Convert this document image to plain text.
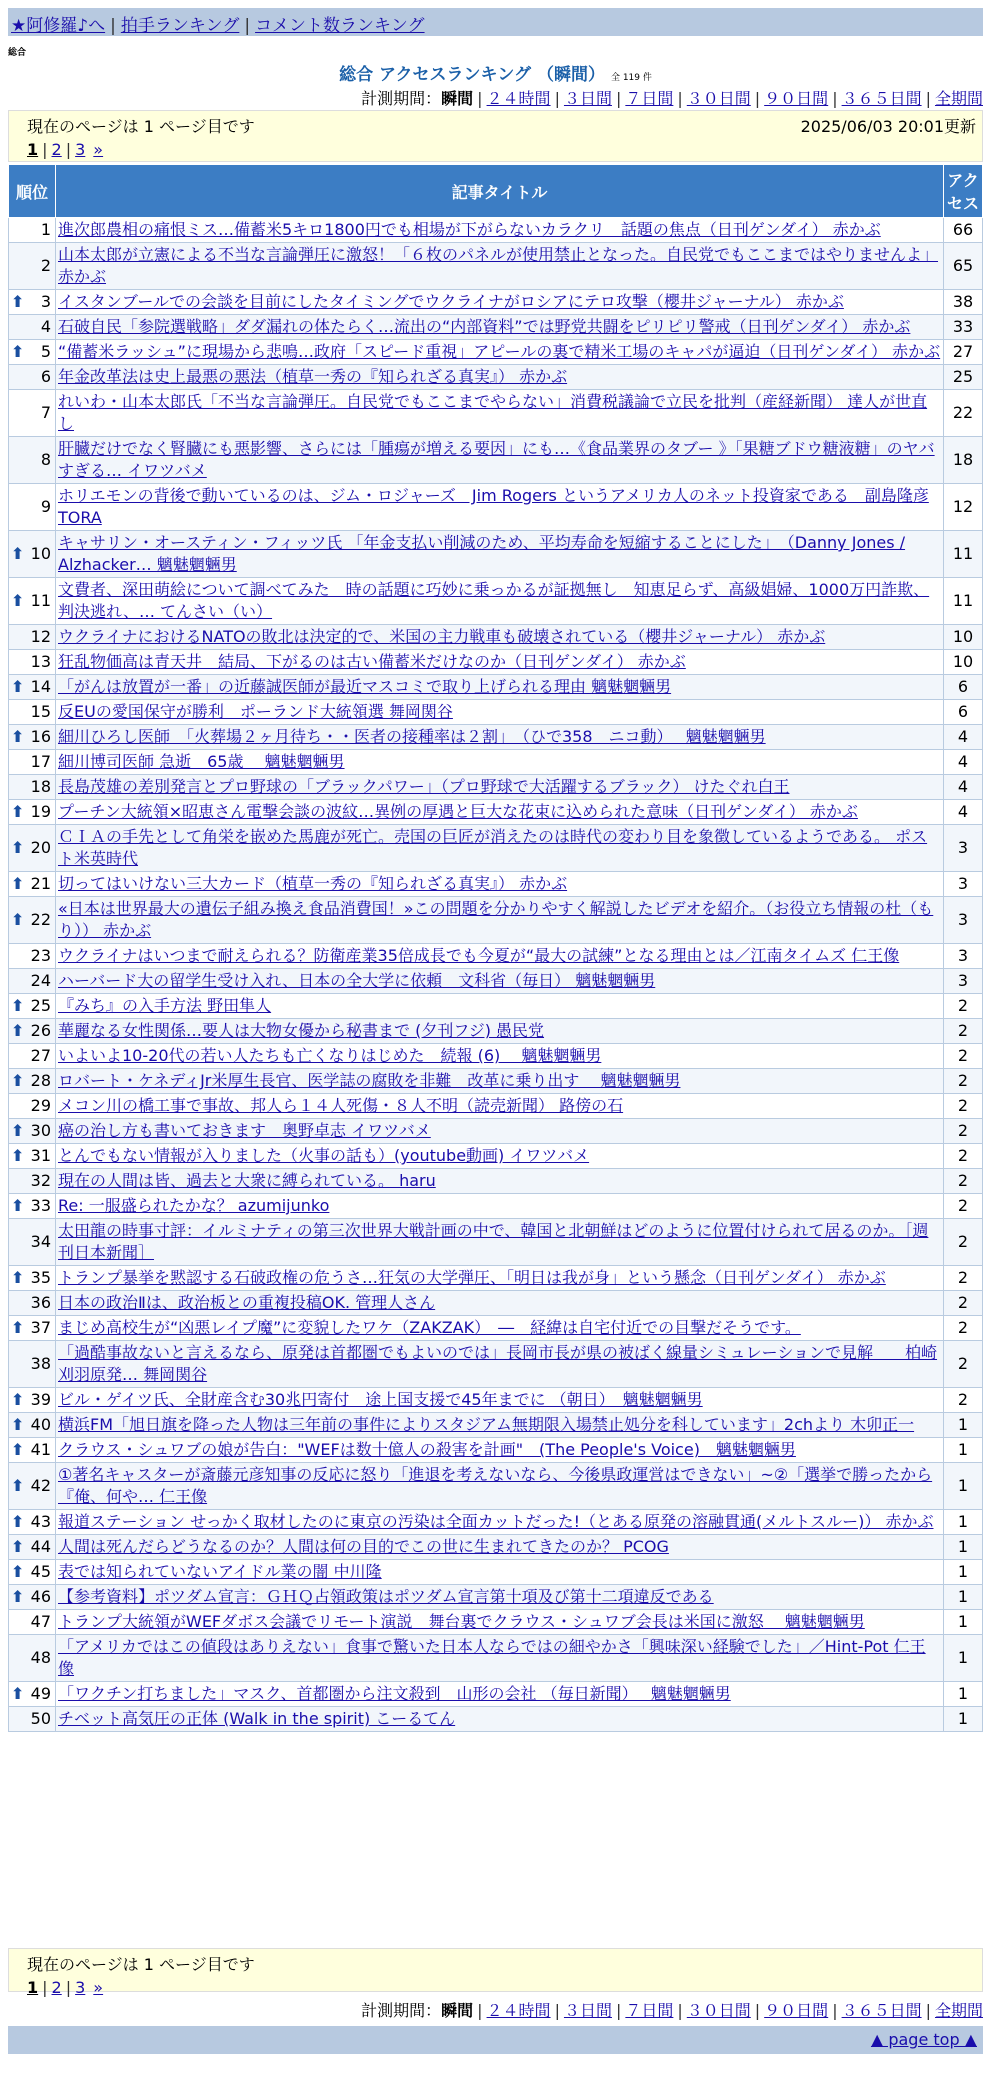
★阿修羅♪へ | 拍手ランキング | コメント数ランキング
総合
総合 アクセスランキング （瞬間） 全 119 件
計測期間：瞬間 | ２４時間 | ３日間 | ７日間 | ３０日間 | ９０日間 | ３６５日間 | 全期間
現在のページは 1 ページ目です	2025/06/03 20:01更新
1 | 2 | 3 »
順位	記事タイトル	アクセス
1	進次郎農相の痛恨ミス…備蓄米5キロ1800円でも相場が下がらないカラクリ　話題の焦点（日刊ゲンダイ） 赤かぶ	66
2	山本太郎が立憲による不当な言論弾圧に激怒！「６枚のパネルが使用禁止となった。自民党でもここまではやりませんよ」 赤かぶ	65

⬆ 3	イスタンブールでの会談を目前にしたタイミングでウクライナがロシアにテロ攻撃（櫻井ジャーナル） 赤かぶ	38
4	石破自民「参院選戦略」ダダ漏れの体たらく…流出の“内部資料”では野党共闘をピリピリ警戒（日刊ゲンダイ） 赤かぶ	33

⬆ 5	“備蓄米ラッシュ”に現場から悲鳴…政府「スピード重視」アピールの裏で精米工場のキャパが逼迫（日刊ゲンダイ） 赤かぶ	27
6	年金改革法は史上最悪の悪法（植草一秀の『知られざる真実』） 赤かぶ	25
7	れいわ・山本太郎氏「不当な言論弾圧。自民党でもここまでやらない」消費税議論で立民を批判（産経新聞） 達人が世直し	22
8	肝臓だけでなく腎臓にも悪影響、さらには「腫瘍が増える要因」にも…《食品業界のタブー 》「果糖ブドウ糖液糖」のヤバすぎる… イワツバメ	18
9	ホリエモンの背後で動いているのは、ジム・ロジャーズ　Jim Rogers というアメリカ人のネット投資家である　副島隆彦 TORA	12

⬆ 10	キャサリン・オースティン・フィッツ氏 「年金支払い削減のため、平均寿命を短縮することにした」　（Danny Jones / Alzhacker… 魑魅魍魎男	11

⬆ 11	文費者、深田萌絵について調べてみた　時の話題に巧妙に乗っかるが証拠無し　知恵足らず、高級娼婦、1000万円詐欺、判決逃れ、… てんさい（い）	11
12	ウクライナにおけるNATOの敗北は決定的で、米国の主力戦車も破壊されている（櫻井ジャーナル） 赤かぶ	10
13	狂乱物価高は青天井　結局、下がるのは古い備蓄米だけなのか（日刊ゲンダイ） 赤かぶ	10

⬆ 14	「がんは放置が一番」の近藤誠医師が最近マスコミで取り上げられる理由 魑魅魍魎男	6
15	反EUの愛国保守が勝利　ポーランド大統領選 舞岡関谷	6

⬆ 16	細川ひろし医師　「火葬場２ヶ月待ち・・医者の接種率は２割」　（ひで358　ニコ動）　 魑魅魍魎男	4
17	細川博司医師 急逝　65歳　 魑魅魍魎男	4
18	長島茂雄の差別発言とプロ野球の「ブラックパワー」（プロ野球で大活躍するブラック） けたぐれ白王	4

⬆ 19	プーチン大統領×昭恵さん電撃会談の波紋…異例の厚遇と巨大な花束に込められた意味（日刊ゲンダイ） 赤かぶ	4

⬆ 20	ＣＩＡの手先として角栄を嵌めた馬鹿が死亡。売国の巨匠が消えたのは時代の変わり目を象徴しているようである。 ポスト米英時代	3

⬆ 21	切ってはいけない三大カード（植草一秀の『知られざる真実』） 赤かぶ	3

⬆ 22	«日本は世界最大の遺伝子組み換え食品消費国！»この問題を分かりやすく解説したビデオを紹介。（お役立ち情報の杜（もり）） 赤かぶ	3
23	ウクライナはいつまで耐えられる？防衛産業35倍成長でも今夏が“最大の試練”となる理由とは／江南タイムズ 仁王像	3
24	ハーバード大の留学生受け入れ、日本の全大学に依頼　文科省（毎日） 魑魅魍魎男	3

⬆ 25	『みち』の入手方法 野田隼人	2

⬆ 26	華麗なる女性関係…要人は大物女優から秘書まで (夕刊フジ) 愚民党	2
27	いよいよ10-20代の若い人たちも亡くなりはじめた　続報 (6)　 魑魅魍魎男	2

⬆ 28	ロバート・ケネディJr米厚生長官、医学誌の腐敗を非難　改革に乗り出す　 魑魅魍魎男	2
29	メコン川の橋工事で事故、邦人ら１４人死傷・８人不明（読売新聞） 路傍の石	2

⬆ 30	癌の治し方も書いておきます　奥野卓志 イワツバメ	2

⬆ 31	とんでもない情報が入りました（火事の話も）(youtube動画) イワツバメ	2
32	現在の人間は皆、過去と大衆に縛られている。 haru	2

⬆ 33	Re: 一服盛られたかな？ azumijunko	2
34	太田龍の時事寸評：イルミナティの第三次世界大戦計画の中で、韓国と北朝鮮はどのように位置付けられて居るのか。［週刊日本新聞］	2

⬆ 35	トランプ暴挙を黙認する石破政権の危うさ…狂気の大学弾圧、「明日は我が身」という懸念（日刊ゲンダイ） 赤かぶ	2
36	日本の政治Ⅱは、政治板との重複投稿OK. 管理人さん	2

⬆ 37	まじめ高校生が“凶悪レイプ魔”に変貌したワケ（ZAKZAK）　―　経緯は自宅付近での目撃だそうです。	2
38	「過酷事故ないと言えるなら、原発は首都圏でもよいのでは」長岡市長が県の被ばく線量シミュレーションで見解　　柏崎刈羽原発… 舞岡関谷	2

⬆ 39	ビル・ゲイツ氏、全財産含む30兆円寄付　途上国支援で45年までに （朝日）　魑魅魍魎男	2

⬆ 40	横浜FM「旭日旗を降った人物は三年前の事件によりスタジアム無期限入場禁止処分を科しています」2chより 木卯正一	1

⬆ 41	クラウス・シュワブの娘が告白："WEFは数十億人の殺害を計画"　(The People's Voice)　魑魅魍魎男	1

⬆ 42	①著名キャスターが斎藤元彦知事の反応に怒り「進退を考えないなら、今後県政運営はできない」~②「選挙で勝ったから『俺、何や… 仁王像	1

⬆ 43	報道ステーション せっかく取材したのに東京の汚染は全面カットだった!（とある原発の溶融貫通(メルトスルー)） 赤かぶ	1

⬆ 44	人間は死んだらどうなるのか？人間は何の目的でこの世に生まれてきたのか？ PCOG	1

⬆ 45	表では知られていないアイドル業の闇 中川隆	1

⬆ 46	【参考資料】ポツダム宣言：ＧＨＱ占領政策はポツダム宣言第十項及び第十二項違反である	1
47	トランプ大統領がWEFダボス会議でリモート演説　舞台裏でクラウス・シュワブ会長は米国に激怒　 魑魅魍魎男	1
48	「アメリカではこの値段はありえない」食事で驚いた日本人ならではの細やかさ「興味深い経験でした」／Hint-Pot 仁王像	1

⬆ 49	「ワクチン打ちました」マスク、首都圏から注文殺到　山形の会社 （毎日新聞）　 魑魅魍魎男	1
50	チベット高気圧の正体 (Walk in the spirit) こーるてん	1
現在のページは 1 ページ目です
1 | 2 | 3 »
計測期間：瞬間 | ２４時間 | ３日間 | ７日間 | ３０日間 | ９０日間 | ３６５日間 | 全期間
▲ page top ▲
